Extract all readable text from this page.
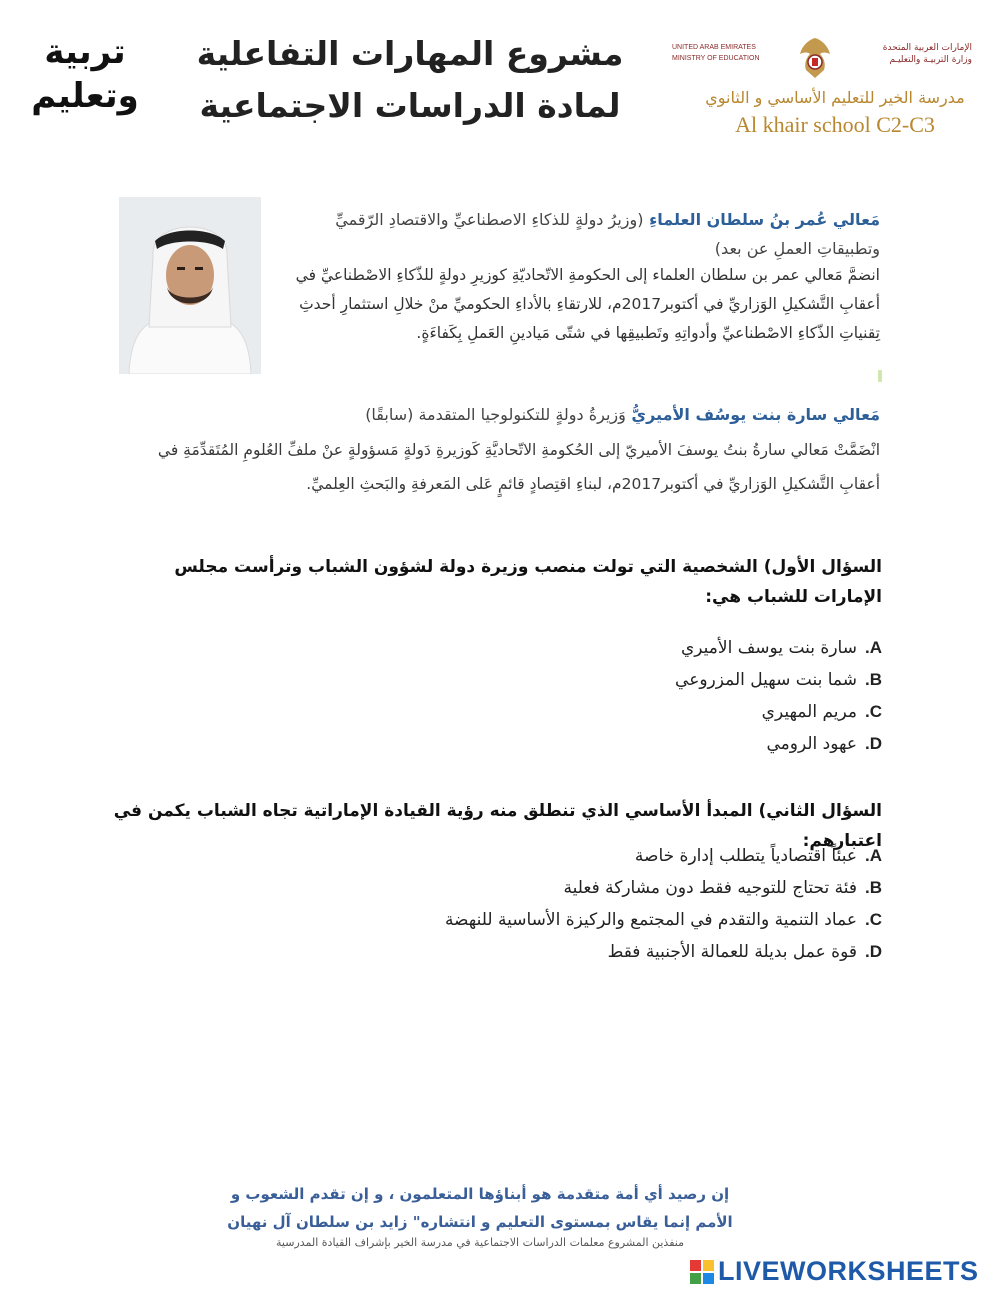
تربية
وتعليم
مشروع المهارات التفاعلية
لمادة الدراسات الاجتماعية
UNITED ARAB EMIRATES
MINISTRY OF EDUCATION
الإمارات العربية المتحدة
وزارة التربيـة والتعليـم
مدرسة الخير للتعليم الأساسي و الثانوي
Al khair school C2-C3
مَعالي عُمر بنُ سلطان العلماءِ (وزيرُ دولةٍ للذكاءِ الاصطناعيِّ والاقتصادِ الرّقميِّ وتطبيقاتِ العملِ عن بعد)
انضمَّ مَعالي عمر بن سلطان العلماء إلى الحكومةِ الاتّحاديّةِ كوزيرِ دولةٍ للذّكاءِ الاصْطناعيِّ في أعقابِ التَّشكيلِ الوَزاريِّ في أكتوبر2017م، للارتقاءِ بالأداءِ الحكوميِّ منْ خلالِ استثمارِ أحدثِ تِقنياتِ الذّكاءِ الاصْطناعيِّ وأدواتِهِ وتَطبيقِها في شتّى مَيادينِ العَملِ بِكَفاءَةٍ.
مَعالي سارة بنت يوسُف الأميريُّ وَزيرةُ دولةٍ للتكنولوجيا المتقدمة (سابقًا)
انْضَمَّتْ مَعالي سارةُ بنتُ يوسفَ الأميريّ إلى الحُكومةِ الاتّحاديَّةِ كَوزيرةِ دَولةٍ مَسؤولةٍ عنْ ملفِّ العُلومِ المُتَقدِّمَةِ في أعقابِ التَّشكيلِ الوَزاريِّ في أكتوبر2017م، لبناءِ اقتِصادٍ قائمٍ عَلى المَعرفةِ والبَحثِ العِلميِّ.
السؤال الأول) الشخصية التي تولت منصب وزيرة دولة لشؤون الشباب وترأست مجلس الإمارات للشباب هي:
A.سارة بنت يوسف الأميري
B.شما بنت سهيل المزروعي
C.مريم المهيري
D.عهود الرومي
السؤال الثاني) المبدأ الأساسي الذي تنطلق منه رؤية القيادة الإماراتية تجاه الشباب يكمن في اعتبارهم:
A.عبئاً اقتصادياً يتطلب إدارة خاصة
B.فئة تحتاج للتوجيه فقط دون مشاركة فعلية
C.عماد التنمية والتقدم في المجتمع والركيزة الأساسية للنهضة
D.قوة عمل بديلة للعمالة الأجنبية فقط
إن رصيد أي أمة متقدمة هو أبناؤها المتعلمون ، و إن تقدم الشعوب و
الأمم إنما يقاس بمستوى التعليم و انتشاره" زايد بن سلطان آل نهيان
منفذين المشروع معلمات الدراسات الاجتماعية في مدرسة الخير بإشراف القيادة المدرسية
LIVEWORKSHEETS
